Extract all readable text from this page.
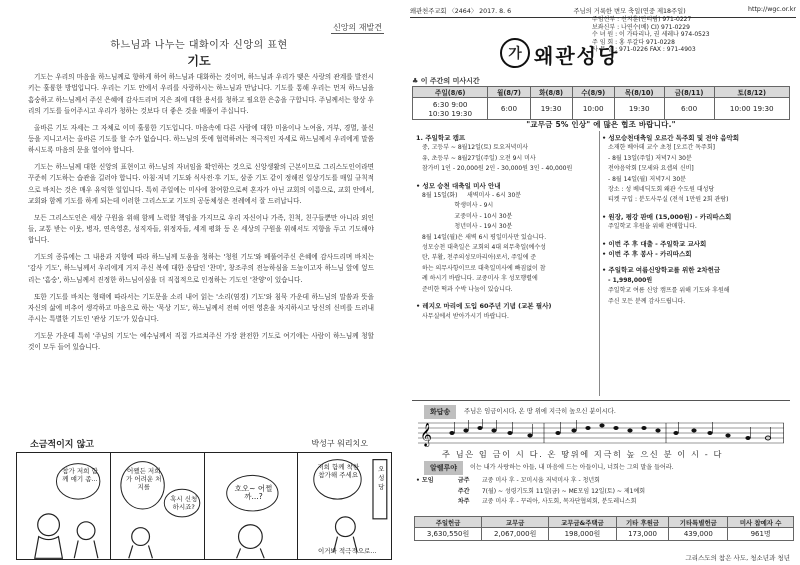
신앙의 재발견
하느님과 나누는 대화이자 신앙의 표현
기도

기도는 우리의 마음을 하느님께로 향하게 하여 하느님과 대화하는 것이며, 하느님과 우리가 맺은 사랑의 관계를 발전시키는 훌륭한 방법입니다. 우리는 기도 안에서 우리를 사랑하시는 하느님과 만납니다. 기도를 통해 우리는 먼저 하느님을 흠숭하고 하느님께서 주신 은혜에 감사드리며 지은 죄에 대한 용서를 청하고 필요한 은총을 구합니다. 주님께서는 항상 우리의 기도를 들어주시고 우리가 청하는 것보다 더 좋은 것을 베풀어 주십니다.

올바른 기도 자세는 그 자체로 이미 훌륭한 기도입니다. 마음속에 다른 사람에 대한 미움이나 노여움, 거부, 경멸, 불신 등을 지니고서는 올바른 기도를 할 수가 없습니다. 하느님의 뜻에 협력하려는 적극적인 자세로 하느님께서 우리에게 말씀하시도록 마음의 문을 열어야 합니다.

기도는 하느님께 대한 신앙의 표현이고 하느님의 자녀임을 확인하는 것으로 신앙생활의 근본이므로 그리스도인이라면 꾸준히 기도하는 습관을 길러야 합니다. 아침·저녁 기도와 식사전·후 기도, 삼종 기도 같이 정해진 일상기도를 매일 규칙적으로 바치는 것은 매우 유익한 일입니다. 특히 주일에는 미사에 참여함으로써 혼자가 아닌 교회의 이름으로, 교회 안에서, 교회와 함께 기도를 하게 되는데 이러한 그리스도교 기도의 공동체성은 전례에서 잘 드러납니다.

모든 그리스도인은 세상 구원을 위해 함께 노력할 책임을 가지므로 우리 자신이나 가족, 친척, 친구들뿐만 아니라 외인들, 교통 받는 이웃, 병자, 연옥영혼, 성직자들, 위정자들, 세계 평화 등 온 세상의 구원을 위해서도 지향을 두고 기도해야 합니다.

기도의 종류에는 그 내용과 지향에 따라 하느님께 도움을 청하는 '청원 기도'와 베풀어주신 은혜에 감사드리며 바치는 '감사 기도', 하느님께서 우리에게 거저 주신 복에 대한 응답인 '찬미', 창조주의 전능하심을 드높이고자 하느님 앞에 엎드리는 '흠숭', 하느님께서 진정한 하느님이심을 더 직접적으로 인정하는 기도인 '찬양'이 있습니다.

또한 기도를 바치는 형태에 따라서는 기도문을 소리 내어 읽는 '소리(염경) 기도'와 침묵 가운데 하느님의 말씀과 뜻을 자신의 삶에 비추어 생각하고 마음으로 하는 '묵상 기도', 하느님께서 전혀 어떤 영혼을 차지하시고 당신의 신비를 드러내 주시는 특별한 기도인 '관상 기도'가 있습니다.

기도문 가운데 특히 '주님의 기도'는 예수님께서 직접 가르쳐주신 가장 완전한 기도로 여기에는 사람이 하느님께 청할 것이 모두 들어 있습니다.

소금적이지 않고	박성구 워리치오
참가 저희 함께 얘기 좀...
어쨌든 저희가 어려운 처지를
혹시 신청하시죠?
호오~ 어쩔까...?
저희 함께 착한 참가해 주세요
오 성 당
이거봐 적극적으로...
왜관천주교회 〈2464〉 2017. 8. 6	주님의 거룩한 변모 축일(연중 제18주일)	http://wgc.or.kr
주임신부 : 선지훈(안티팜) 971-0227
보좌신부 : 나연수(베) CI) 971-0229
수 녀 원 : 이 가타리나, 권 세레나 974-0523
주 임 회 : 홍 루갈다 971-0228
사 무 실 : 971-0226 FAX : 971-4903
가 왜관성당
♣ 이 주간의 미사시간
주일(8/6)	월(8/7)	화(8/8)	수(8/9)	목(8/10)	금(8/11)	토(8/12)
6:30 9:00
10:30 19:30	6:00	19:30	10:00	19:30	6:00	10:00 19:30
"교무금 5% 인상" 에 많은 협조 바랍니다."
1. 주일학교 캠프
중, 고등부 ~ 8월12일(토) 토요저녁미사
유, 초등부 ~ 8월27일(주일) 오전 9시 미사
참가비 1인 - 20,000원 2인 - 30,000원 3인 - 40,000원
• 성모 승천 대축일 미사 안내
8월 15일(화)     새벽미사 - 6시 30분
학생미사 - 9시
교중미사 - 10시 30분
청년미사 - 19시 30분
8월 14일(월)은 새벽 6시 평일미사만 있습니다.
성모승천 대축일은 교회의 4대 의무축일(예수성
탄, 부활, 천주의성모마리아)로서, 주일에 준
하는 의무사항이므로 대축일미사에 빠짐없이 참
례 하시기 바랍니다. 교중미사 후 성모행렬에
준비한 떡과 수박 나눔이 있습니다.
• 레지오 마리에 도입 60주년 기념 (교본 필사)
사무실에서 받아가시기 바랍니다.
• 성모승천대축일 오르간 독주회 및 전야 음악회
소재한 베아데 교수 초청 [오르간 독주회]
- 8월 13일(주일) 저녁7시 30분
전야음악회 [모세와 요셉의 신비]
- 8월 14일(월) 저녁7시 30분
장소 : 성 베네딕도회 왜관 수도원 대성당
티켓 구입 : 분도사무실 (전석 1만원 2회 관람)
• 원장, 평강 판매 (15,000원) - 카리따스회
주일학교 후원을 위해 판매합니다.
• 이번 주 후 대출 - 주일학교 교사회
• 이번 주 후 봉사 - 카리따스회
• 주일학교 여름신앙학교를 위한 2차헌금
- 1,998,000원
주일학교 여름 신앙 캠프를 위해 기도와 후원해
주신 모든 분께 감사드립니다.
화답송	주님은 임금이시다, 온 땅 위에 지극히 높으신 분이시다.
𝄞
주 님은 임 금이 시 다. 온 땅위에 지극히 높 으신 분 이 시 - 다
알렐루야	이는 내가 사랑하는 아들, 내 마음에 드는 아들이니, 너희는 그의 말을 들어라.
• 모임	금주 교중 미사 후 - 꼬미시움 저녁미사 후 - 청년회
주간 7(월) ~ 성령기도회 11일(금) ~ ME모임 12일(토) ~ 제1예회
차주 교중 미사 후 - 꾸리아, 사도회, 목자단협의회, 분도레니스회
주일헌금	교무금	교무금&주택금	기타 후원금	기타특별헌금	미사 참예자 수
3,630,550원	2,067,000원	198,000원	173,000	439,000	961명
그리스도의 참은 사도, 청소년과 청년
